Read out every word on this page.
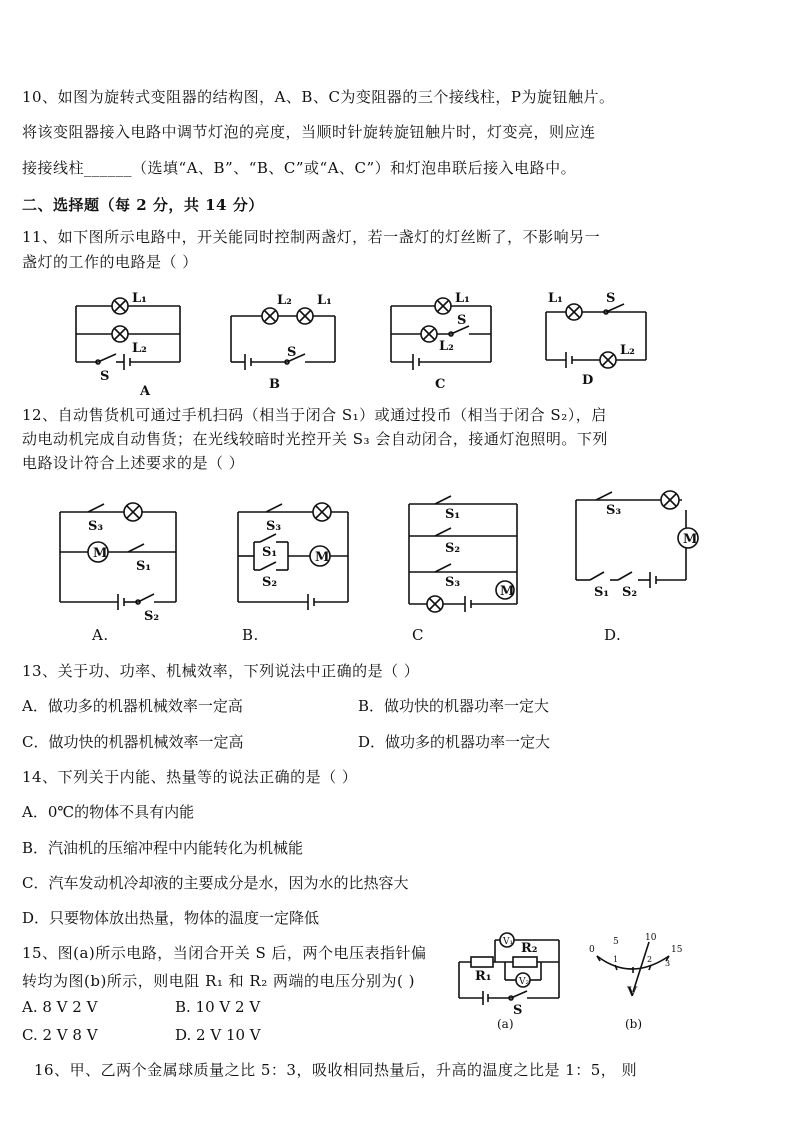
10、如图为旋转式变阻器的结构图，A、B、C为变阻器的三个接线柱，P为旋钮触片。
将该变阻器接入电路中调节灯泡的亮度，当顺时针旋转旋钮触片时，灯变亮，则应连
接接线柱______（选填“A、B”、“B、C”或“A、C”）和灯泡串联后接入电路中。
二、选择题（每 2 分，共 14 分）
11、如下图所示电路中，开关能同时控制两盏灯，若一盏灯的灯丝断了，不影响另一
盏灯的工作的电路是（ ）
L₁
L₂
S
A
L₂ L₁
S
B
L₁
L₂
S
C
L₁	S
L₂
D
12、自动售货机可通过手机扫码（相当于闭合 S₁）或通过投币（相当于闭合 S₂），启
动电动机完成自动售货；在光线较暗时光控开关 S₃ 会自动闭合，接通灯泡照明。下列
电路设计符合上述要求的是（ ）
M
S₃
S₁
S₂
A.
M
S₃
S₁
S₂
B.
M
S₁
S₂
S₃
C
M
S₃
S₁ S₂
D.
13、关于功、功率、机械效率，下列说法中正确的是（ ）
A．做功多的机器机械效率一定高	B．做功快的机器功率一定大
C．做功快的机器机械效率一定高	D．做功多的机器功率一定大
14、下列关于内能、热量等的说法正确的是（ ）
A．0℃的物体不具有内能
B．汽油机的压缩冲程中内能转化为机械能
C．汽车发动机冷却液的主要成分是水，因为水的比热容大
D．只要物体放出热量，物体的温度一定降低
15、图(a)所示电路，当闭合开关 S 后，两个电压表指针偏
转均为图(b)所示，则电阻 R₁ 和 R₂ 两端的电压分别为( )
A. 8 V 2 V	B. 10 V 2 V
C. 2 V 8 V	D. 2 V 10 V
V₁ R₂
R₁	V₂
S
(a)
0
5	10
15
1	2 3
V
(b)
16、甲、乙两个金属球质量之比 5：3，吸收相同热量后，升高的温度之比是 1：5， 则
